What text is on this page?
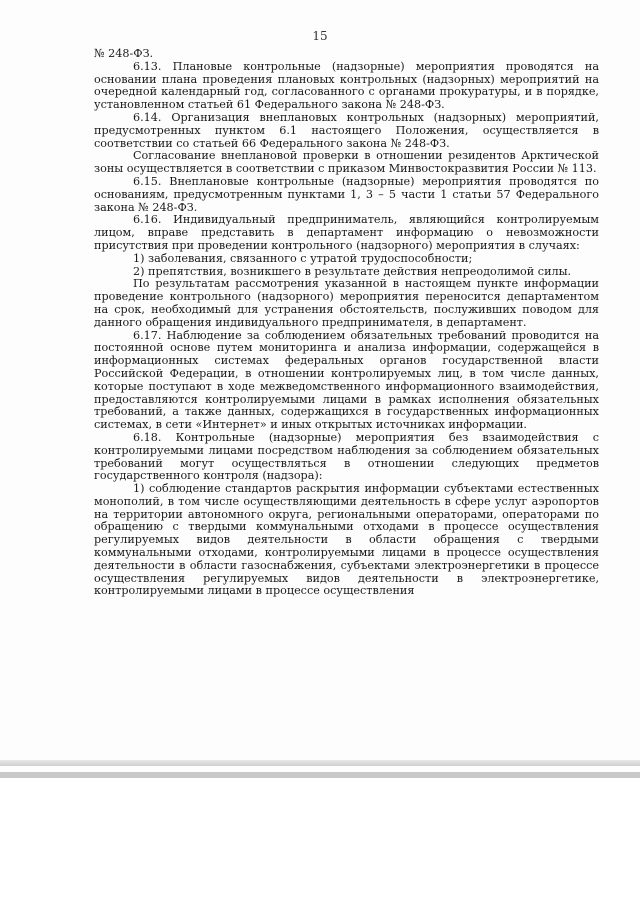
15

№ 248-ФЗ.

6.13. Плановые контрольные (надзорные) мероприятия проводятся на основании плана проведения плановых контрольных (надзорных) мероприятий на очередной календарный год, согласованного с органами прокуратуры, и в порядке, установленном статьей 61 Федерального закона № 248-ФЗ.

6.14. Организация внеплановых контрольных (надзорных) мероприятий, предусмотренных пунктом 6.1 настоящего Положения, осуществляется в соответствии со статьей 66 Федерального закона № 248-ФЗ.

Согласование внеплановой проверки в отношении резидентов Арктической зоны осуществляется в соответствии с приказом Минвостокразвития России № 113.

6.15. Внеплановые контрольные (надзорные) мероприятия проводятся по основаниям, предусмотренным пунктами 1, 3 – 5 части 1 статьи 57 Федерального закона № 248-ФЗ.

6.16. Индивидуальный предприниматель, являющийся контролируемым лицом, вправе представить в департамент информацию о невозможности присутствия при проведении контрольного (надзорного) мероприятия в случаях:

1) заболевания, связанного с утратой трудоспособности;

2) препятствия, возникшего в результате действия непреодолимой силы.

По результатам рассмотрения указанной в настоящем пункте информации проведение контрольного (надзорного) мероприятия переносится департаментом на срок, необходимый для устранения обстоятельств, послуживших поводом для данного обращения индивидуального предпринимателя, в департамент.

6.17. Наблюдение за соблюдением обязательных требований проводится на постоянной основе путем мониторинга и анализа информации, содержащейся в информационных системах федеральных органов государственной власти Российской Федерации, в отношении контролируемых лиц, в том числе данных, которые поступают в ходе межведомственного информационного взаимодействия, предоставляются контролируемыми лицами в рамках исполнения обязательных требований, а также данных, содержащихся в государственных информационных системах, в сети «Интернет» и иных открытых источниках информации.

6.18. Контрольные (надзорные) мероприятия без взаимодействия с контролируемыми лицами посредством наблюдения за соблюдением обязательных требований могут осуществляться в отношении следующих предметов государственного контроля (надзора):

1) соблюдение стандартов раскрытия информации субъектами естественных монополий, в том числе осуществляющими деятельность в сфере услуг аэропортов на территории автономного округа, региональными операторами, операторами по обращению с твердыми коммунальными отходами в процессе осуществления регулируемых видов деятельности в области обращения с твердыми коммунальными отходами, контролируемыми лицами в процессе осуществления деятельности в области газоснабжения, субъектами электроэнергетики в процессе осуществления регулируемых видов деятельности в электроэнергетике, контролируемыми лицами в процессе осуществления
